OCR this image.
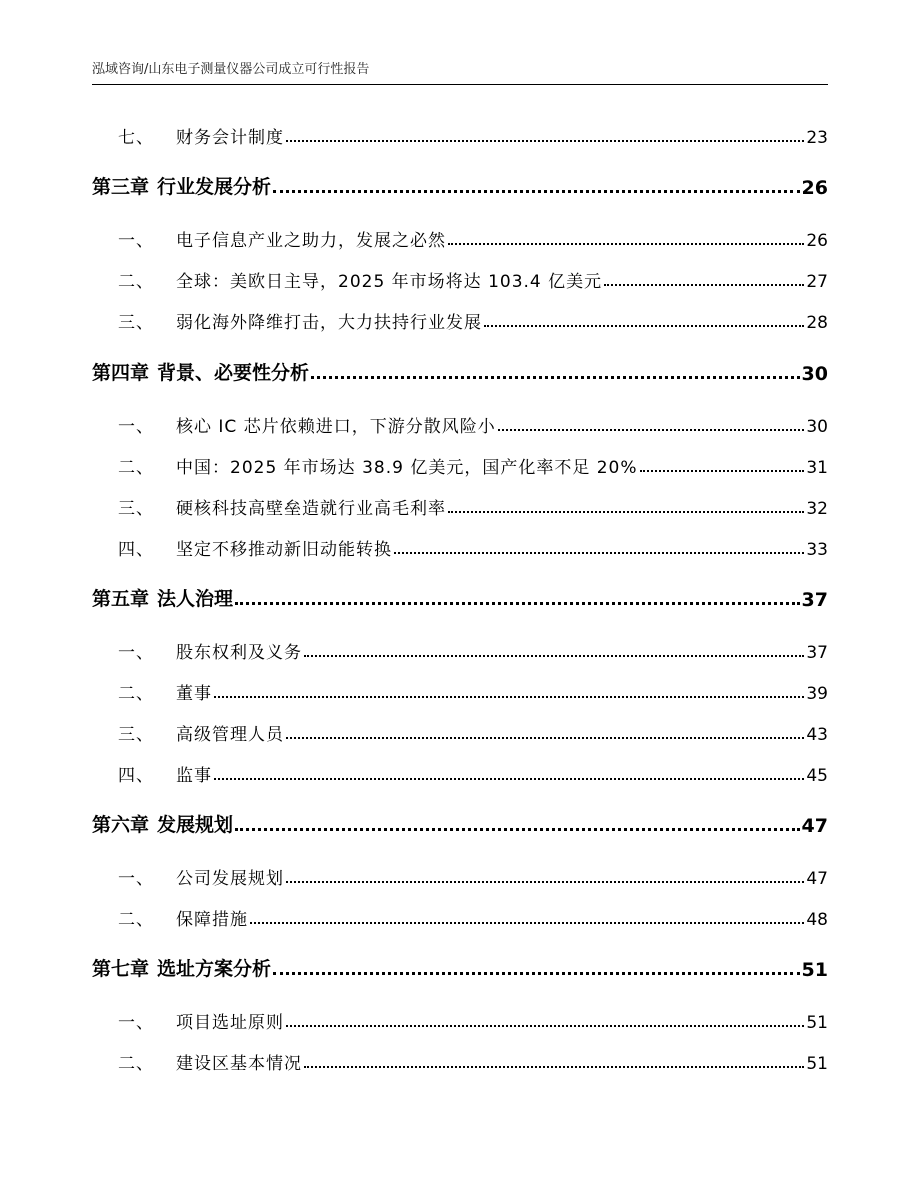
泓域咨询/山东电子测量仪器公司成立可行性报告
七、	财务会计制度	23
第三章 行业发展分析	26
一、	电子信息产业之助力，发展之必然	26
二、	全球：美欧日主导，2025 年市场将达 103.4 亿美元	27
三、	弱化海外降维打击，大力扶持行业发展	28
第四章 背景、必要性分析	30
一、	核心 IC 芯片依赖进口，下游分散风险小	30
二、	中国：2025 年市场达 38.9 亿美元，国产化率不足 20%	31
三、	硬核科技高壁垒造就行业高毛利率	32
四、	坚定不移推动新旧动能转换	33
第五章 法人治理	37
一、	股东权利及义务	37
二、	董事	39
三、	高级管理人员	43
四、	监事	45
第六章 发展规划	47
一、	公司发展规划	47
二、	保障措施	48
第七章 选址方案分析	51
一、	项目选址原则	51
二、	建设区基本情况	51
